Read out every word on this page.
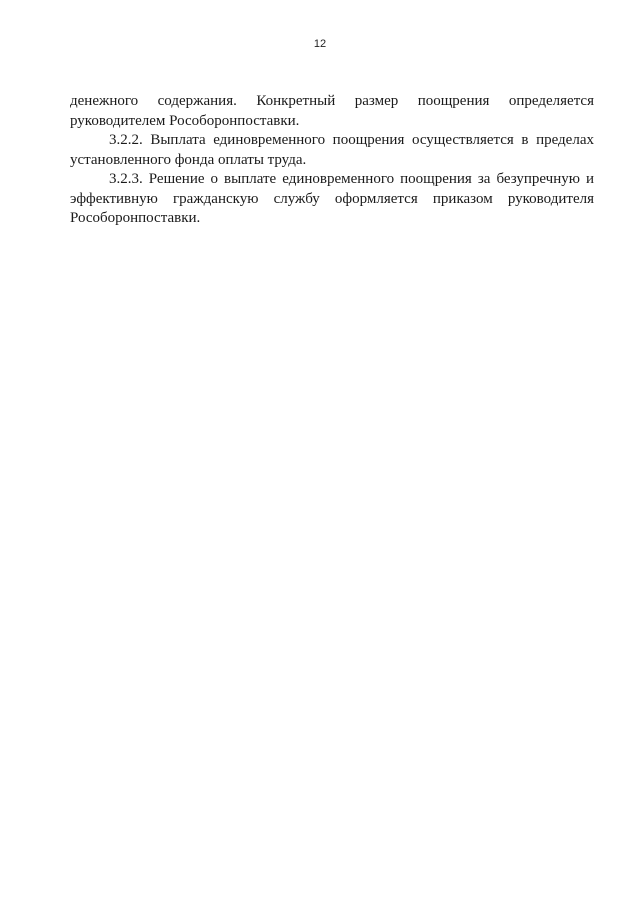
12

денежного содержания. Конкретный размер поощрения определяется руководителем Рособоронпоставки.

3.2.2. Выплата единовременного поощрения осуществляется в пределах установленного фонда оплаты труда.

3.2.3. Решение о выплате единовременного поощрения за безупречную и эффективную гражданскую службу оформляется приказом руководителя Рособоронпоставки.
